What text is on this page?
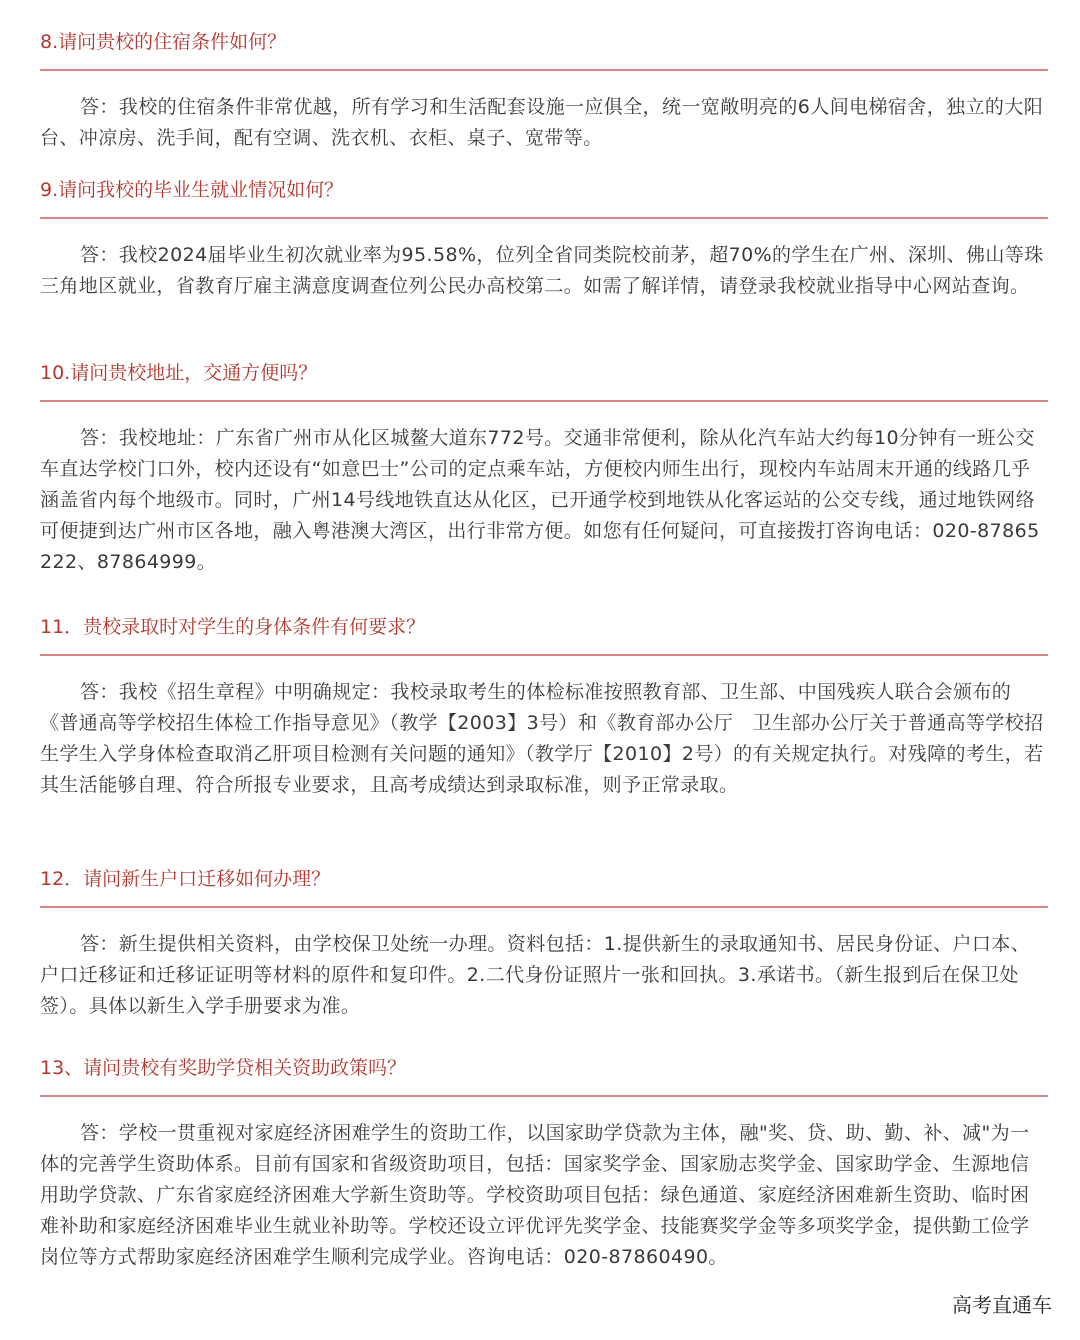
8.请问贵校的住宿条件如何？

答：我校的住宿条件非常优越，所有学习和生活配套设施一应俱全，统一宽敞明亮的6人间电梯宿舍，独立的大阳台、冲凉房、洗手间，配有空调、洗衣机、衣柜、桌子、宽带等。

9.请问我校的毕业生就业情况如何？

答：我校2024届毕业生初次就业率为95.58%，位列全省同类院校前茅，超70%的学生在广州、深圳、佛山等珠三角地区就业，省教育厅雇主满意度调查位列公民办高校第二。如需了解详情，请登录我校就业指导中心网站查询。

10.请问贵校地址，交通方便吗？

答：我校地址：广东省广州市从化区城鳌大道东772号。交通非常便利，除从化汽车站大约每10分钟有一班公交车直达学校门口外，校内还设有“如意巴士”公司的定点乘车站，方便校内师生出行，现校内车站周末开通的线路几乎涵盖省内每个地级市。同时，广州14号线地铁直达从化区，已开通学校到地铁从化客运站的公交专线，通过地铁网络可便捷到达广州市区各地，融入粤港澳大湾区，出行非常方便。如您有任何疑问，可直接拨打咨询电话：020-87865222、87864999。

11．贵校录取时对学生的身体条件有何要求？

答：我校《招生章程》中明确规定：我校录取考生的体检标准按照教育部、卫生部、中国残疾人联合会颁布的《普通高等学校招生体检工作指导意见》（教学【2003】3号）和《教育部办公厅　卫生部办公厅关于普通高等学校招生学生入学身体检查取消乙肝项目检测有关问题的通知》（教学厅【2010】2号）的有关规定执行。对残障的考生，若其生活能够自理、符合所报专业要求，且高考成绩达到录取标准，则予正常录取。

12．请问新生户口迁移如何办理？

答：新生提供相关资料，由学校保卫处统一办理。资料包括：1.提供新生的录取通知书、居民身份证、户口本、户口迁移证和迁移证证明等材料的原件和复印件。2.二代身份证照片一张和回执。3.承诺书。（新生报到后在保卫处签）。具体以新生入学手册要求为准。

13、请问贵校有奖助学贷相关资助政策吗？

答：学校一贯重视对家庭经济困难学生的资助工作，以国家助学贷款为主体，融"奖、贷、助、勤、补、减"为一体的完善学生资助体系。目前有国家和省级资助项目，包括：国家奖学金、国家励志奖学金、国家助学金、生源地信用助学贷款、广东省家庭经济困难大学新生资助等。学校资助项目包括：绿色通道、家庭经济困难新生资助、临时困难补助和家庭经济困难毕业生就业补助等。学校还设立评优评先奖学金、技能赛奖学金等多项奖学金，提供勤工俭学岗位等方式帮助家庭经济困难学生顺利完成学业。咨询电话：020-87860490。

高考直通车
